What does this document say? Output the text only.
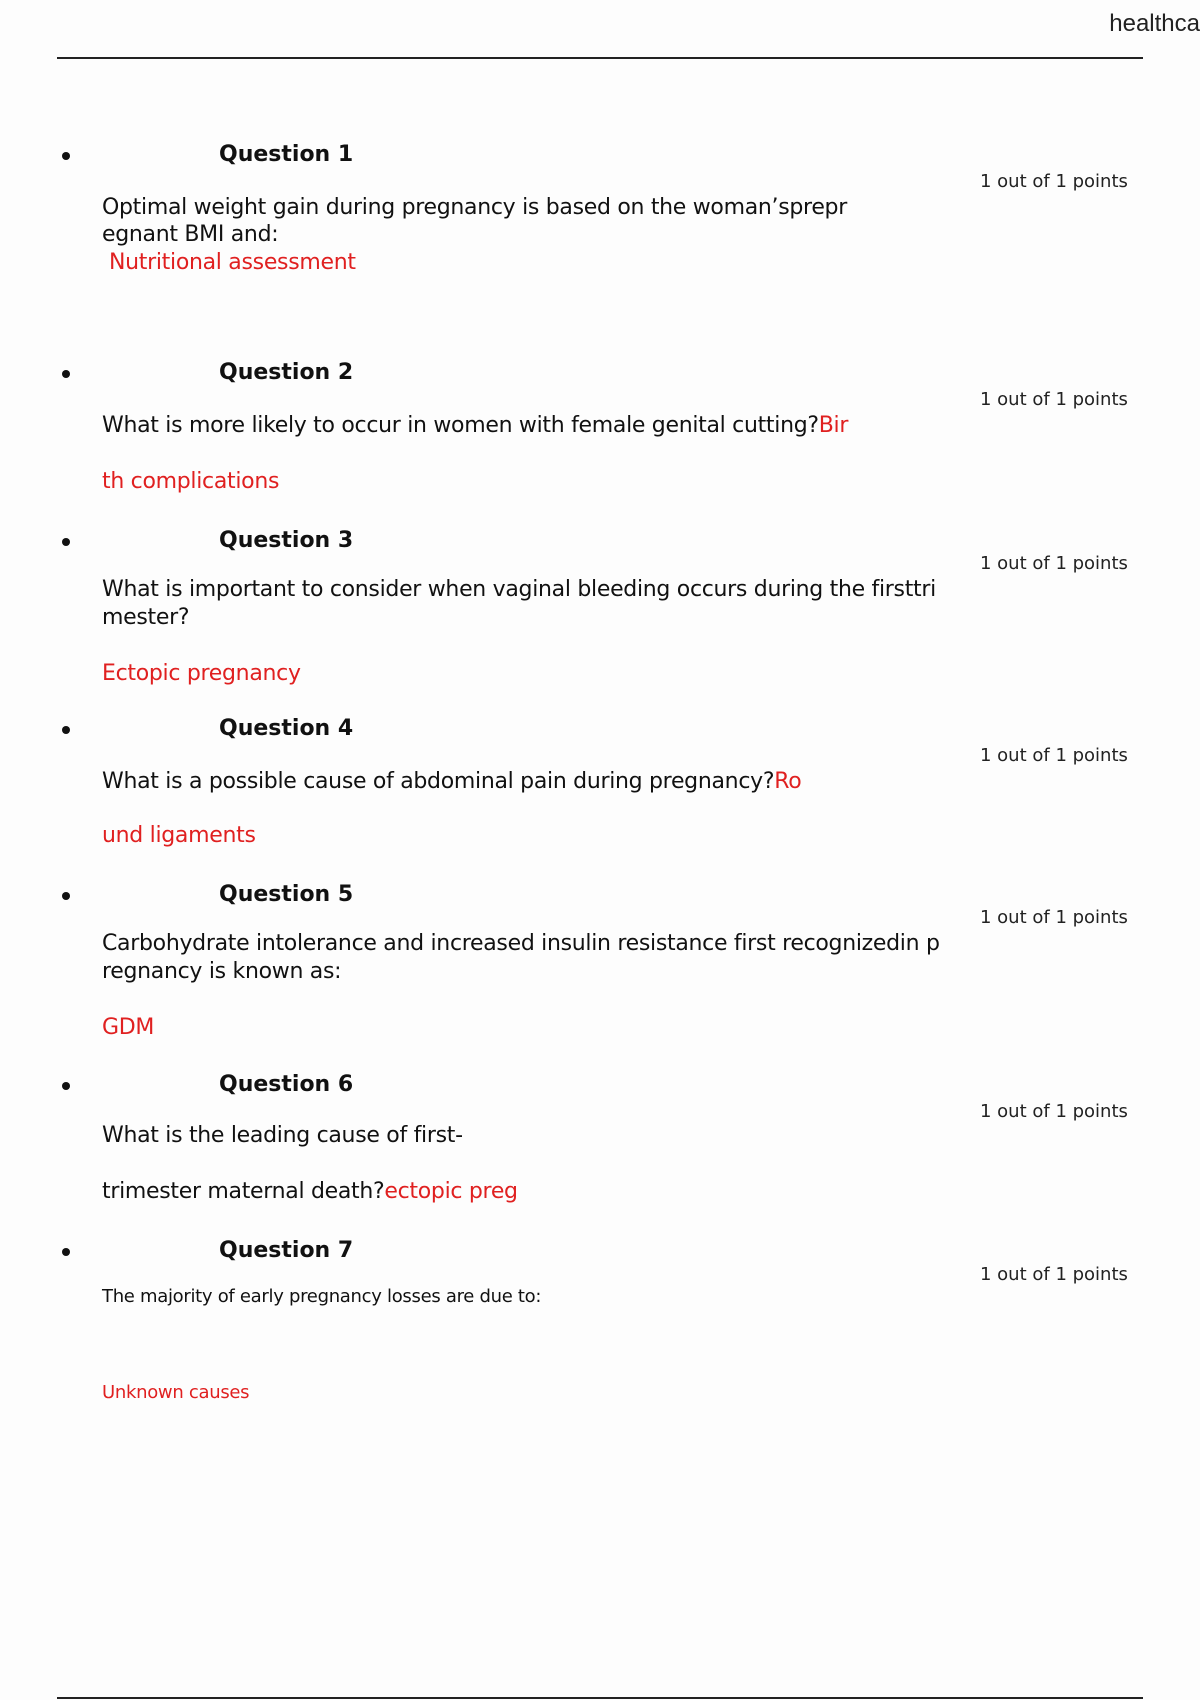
healthca
Question 1
1 out of 1 points
Optimal weight gain during pregnancy is based on the woman’sprepr
egnant BMI and:
Nutritional assessment
Question 2
1 out of 1 points
What is more likely to occur in women with female genital cutting?Bir
th complications
Question 3
1 out of 1 points
What is important to consider when vaginal bleeding occurs during the firsttri
mester?
Ectopic pregnancy
Question 4
1 out of 1 points
What is a possible cause of abdominal pain during pregnancy?Ro
und ligaments
Question 5
1 out of 1 points
Carbohydrate intolerance and increased insulin resistance first recognizedin p
regnancy is known as:
GDM
Question 6
1 out of 1 points
What is the leading cause of first-
trimester maternal death?ectopic preg
Question 7
1 out of 1 points
The majority of early pregnancy losses are due to:
Unknown causes
